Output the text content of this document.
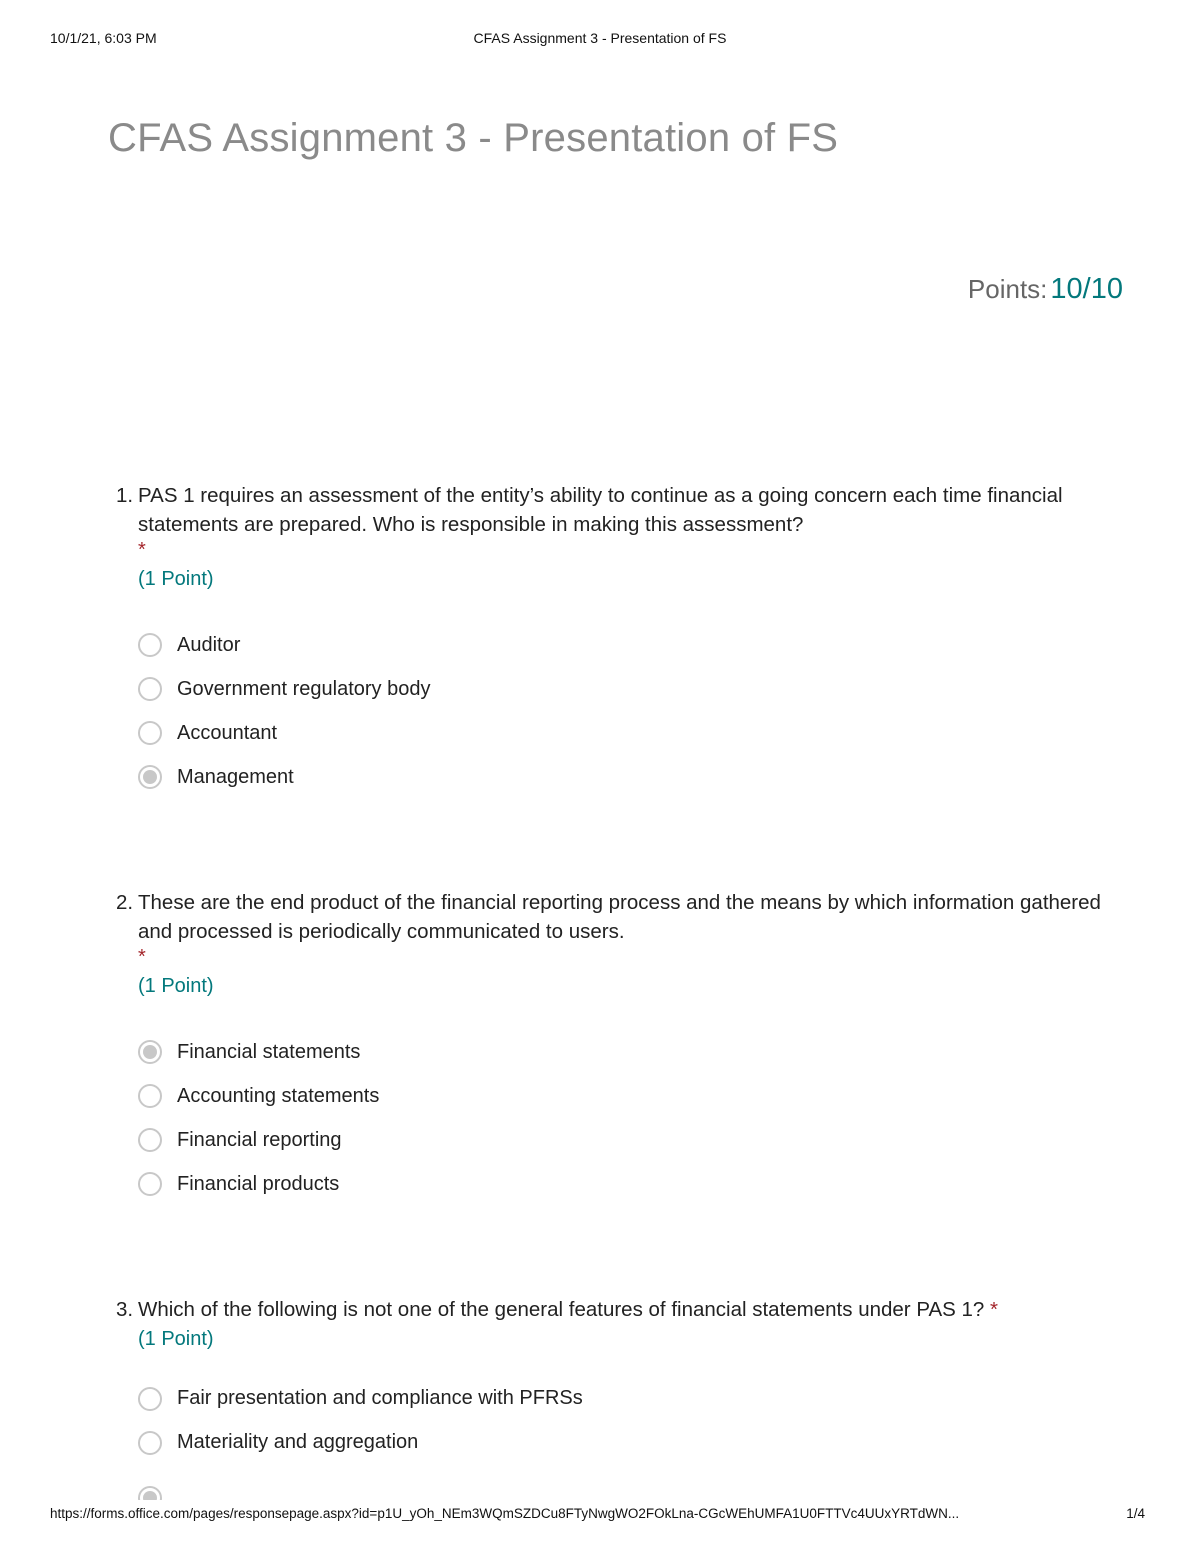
10/1/21, 6:03 PM	CFAS Assignment 3 - Presentation of FS
CFAS Assignment 3 - Presentation of FS
Points: 10/10
1. PAS 1 requires an assessment of the entity’s ability to continue as a going concern each time financial statements are prepared. Who is responsible in making this assessment?
*
(1 Point)
Auditor
Government regulatory body
Accountant
Management
2. These are the end product of the financial reporting process and the means by which information gathered and processed is periodically communicated to users.
*
(1 Point)
Financial statements
Accounting statements
Financial reporting
Financial products
3. Which of the following is not one of the general features of financial statements under PAS 1? *
(1 Point)
Fair presentation and compliance with PFRSs
Materiality and aggregation
https://forms.office.com/pages/responsepage.aspx?id=p1U_yOh_NEm3WQmSZDCu8FTyNwgWO2FOkLna-CGcWEhUMFA1U0FTTVc4UUxYRTdWN...	1/4
